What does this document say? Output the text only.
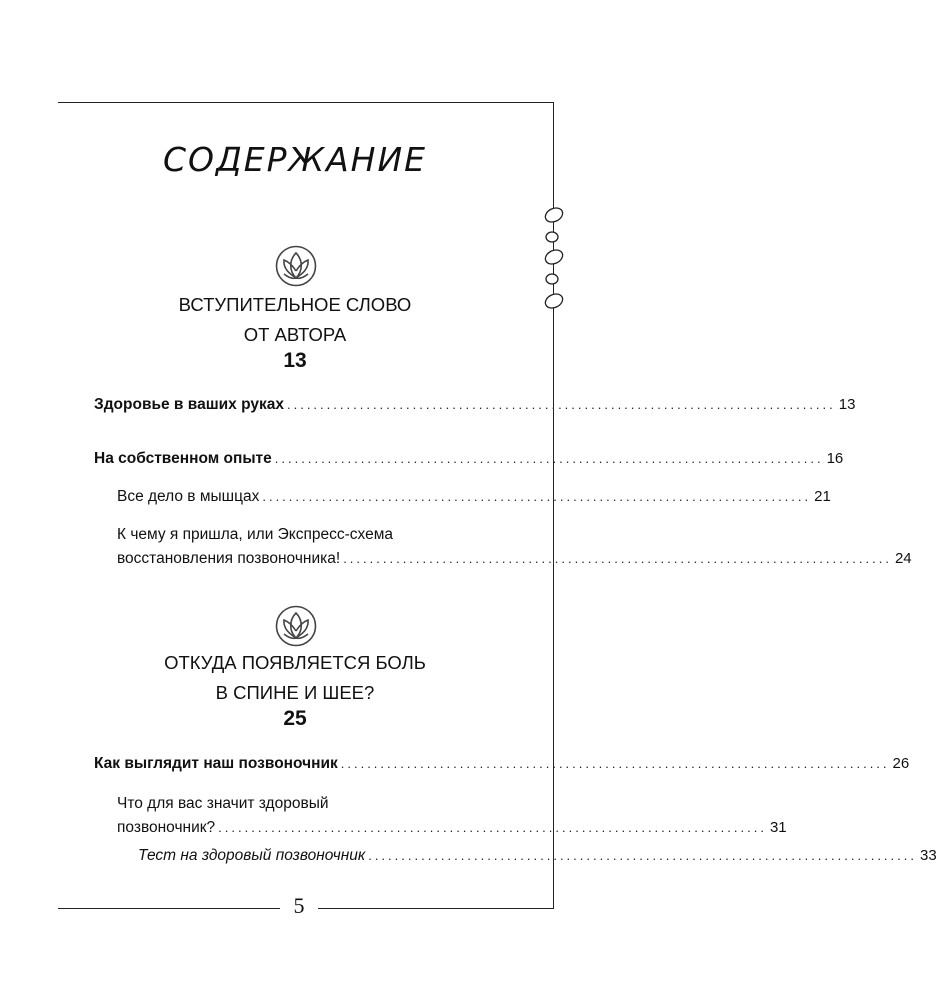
СОДЕРЖАНИЕ
ВСТУПИТЕЛЬНОЕ СЛОВО
ОТ АВТОРА
13
Здоровье в ваших руках ................................................................................... 13
На собственном опыте ................................................................................... 16
Все дело в мышцах ................................................................................... 21
К чему я пришла, или Экспресс-схема
восстановления позвоночника! ................................................................................... 24
ОТКУДА ПОЯВЛЯЕТСЯ БОЛЬ
В СПИНЕ И ШЕЕ?
25
Как выглядит наш позвоночник ................................................................................... 26
Что для вас значит здоровый
позвоночник? ................................................................................... 31
Тест на здоровый позвоночник ................................................................................... 33
5
